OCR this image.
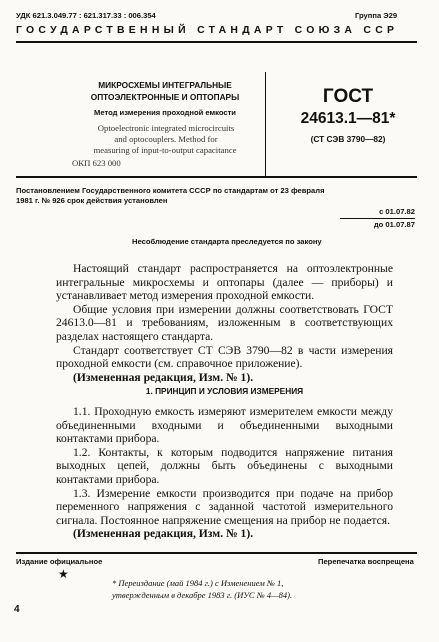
УДК 621.3.049.77 : 621.317.33 : 006.354	Группа Э29
ГОСУДАРСТВЕННЫЙ СТАНДАРТ СОЮЗА ССР
МИКРОСХЕМЫ ИНТЕГРАЛЬНЫЕ
ОПТОЭЛЕКТРОННЫЕ И ОПТОПАРЫ
Метод измерения проходной емкости
Optoelectronic integrated microcircuits
and optocouplers. Method for
measuring of input-to-output capacitance
ОКП 623 000
ГОСТ
24613.1—81*
(СТ СЭВ 3790—82)
Постановлением Государственного комитета СССР по стандартам от 23 февраля
1981 г. № 926 срок действия установлен
с 01.07.82
до 01.07.87
Несоблюдение стандарта преследуется по закону

Настоящий стандарт распространяется на оптоэлектронные интегральные микросхемы и оптопары (далее — приборы) и устанавливает метод измерения проходной емкости.

Общие условия при измерении должны соответствовать ГОСТ 24613.0—81 и требованиям, изложенным в соответствующих разделах настоящего стандарта.

Стандарт соответствует СТ СЭВ 3790—82 в части измерения проходной емкости (см. справочное приложение).

(Измененная редакция, Изм. № 1).

1. ПРИНЦИП И УСЛОВИЯ ИЗМЕРЕНИЯ

1.1. Проходную емкость измеряют измерителем емкости между объединенными входными и объединенными выходными контактами прибора.

1.2. Контакты, к которым подводится напряжение питания выходных цепей, должны быть объединены с выходными контактами прибора.

1.3. Измерение емкости производится при подаче на прибор переменного напряжения с заданной частотой измерительного сигнала. Постоянное напряжение смещения на прибор не подается.

(Измененная редакция, Изм. № 1).

Издание официальное	Перепечатка воспрещена
★
* Переиздание (май 1984 г.) с Изменением № 1,
утвержденным в декабре 1983 г. (ИУС № 4—84).
4
